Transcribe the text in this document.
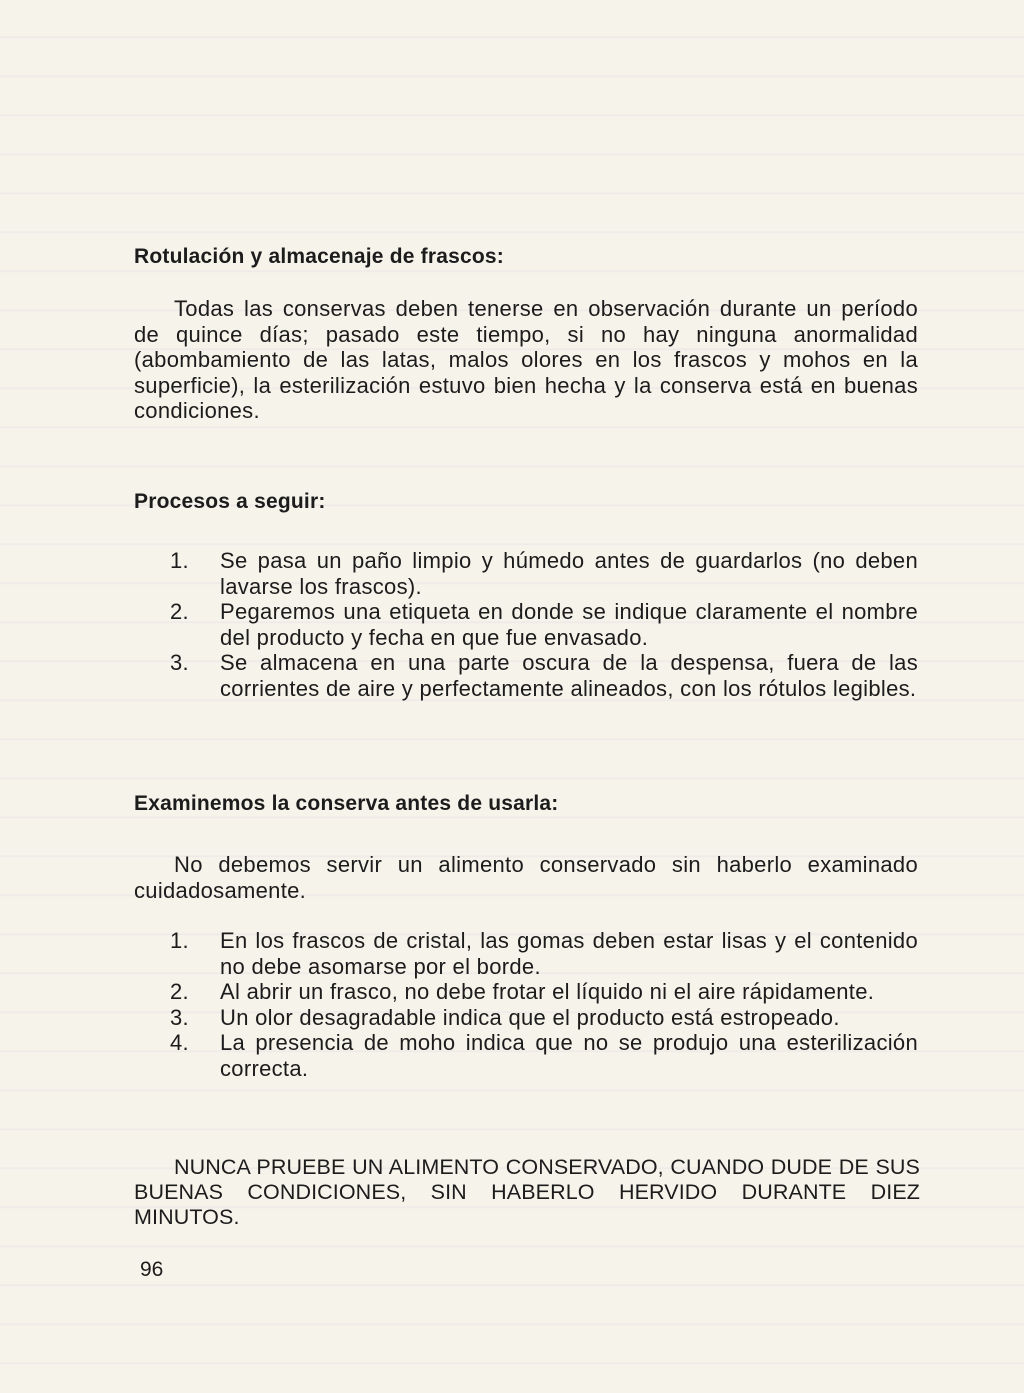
Rotulación y almacenaje de frascos:

Todas las conservas deben tenerse en observación durante un período de quince días; pasado este tiempo, si no hay ninguna anormalidad (abombamiento de las latas, malos olores en los frascos y mohos en la superficie), la esterilización estuvo bien hecha y la conserva está en buenas condiciones.

Procesos a seguir:
1.	Se pasa un paño limpio y húmedo antes de guardarlos (no deben lavarse los frascos).
2.	Pegaremos una etiqueta en donde se indique claramente el nombre del producto y fecha en que fue envasado.
3.	Se almacena en una parte oscura de la despensa, fuera de las corrientes de aire y perfectamente alineados, con los rótulos legibles.
Examinemos la conserva antes de usarla:

No debemos servir un alimento conservado sin haberlo examinado cuidadosamente.

1.	En los frascos de cristal, las gomas deben estar lisas y el contenido no debe asomarse por el borde.
2.	Al abrir un frasco, no debe frotar el líquido ni el aire rápidamente.
3.	Un olor desagradable indica que el producto está estropeado.
4.	La presencia de moho indica que no se produjo una esterilización correcta.

NUNCA PRUEBE UN ALIMENTO CONSERVADO, CUANDO DUDE DE SUS BUENAS CONDICIONES, SIN HABERLO HERVIDO DURANTE DIEZ MINUTOS.

96
